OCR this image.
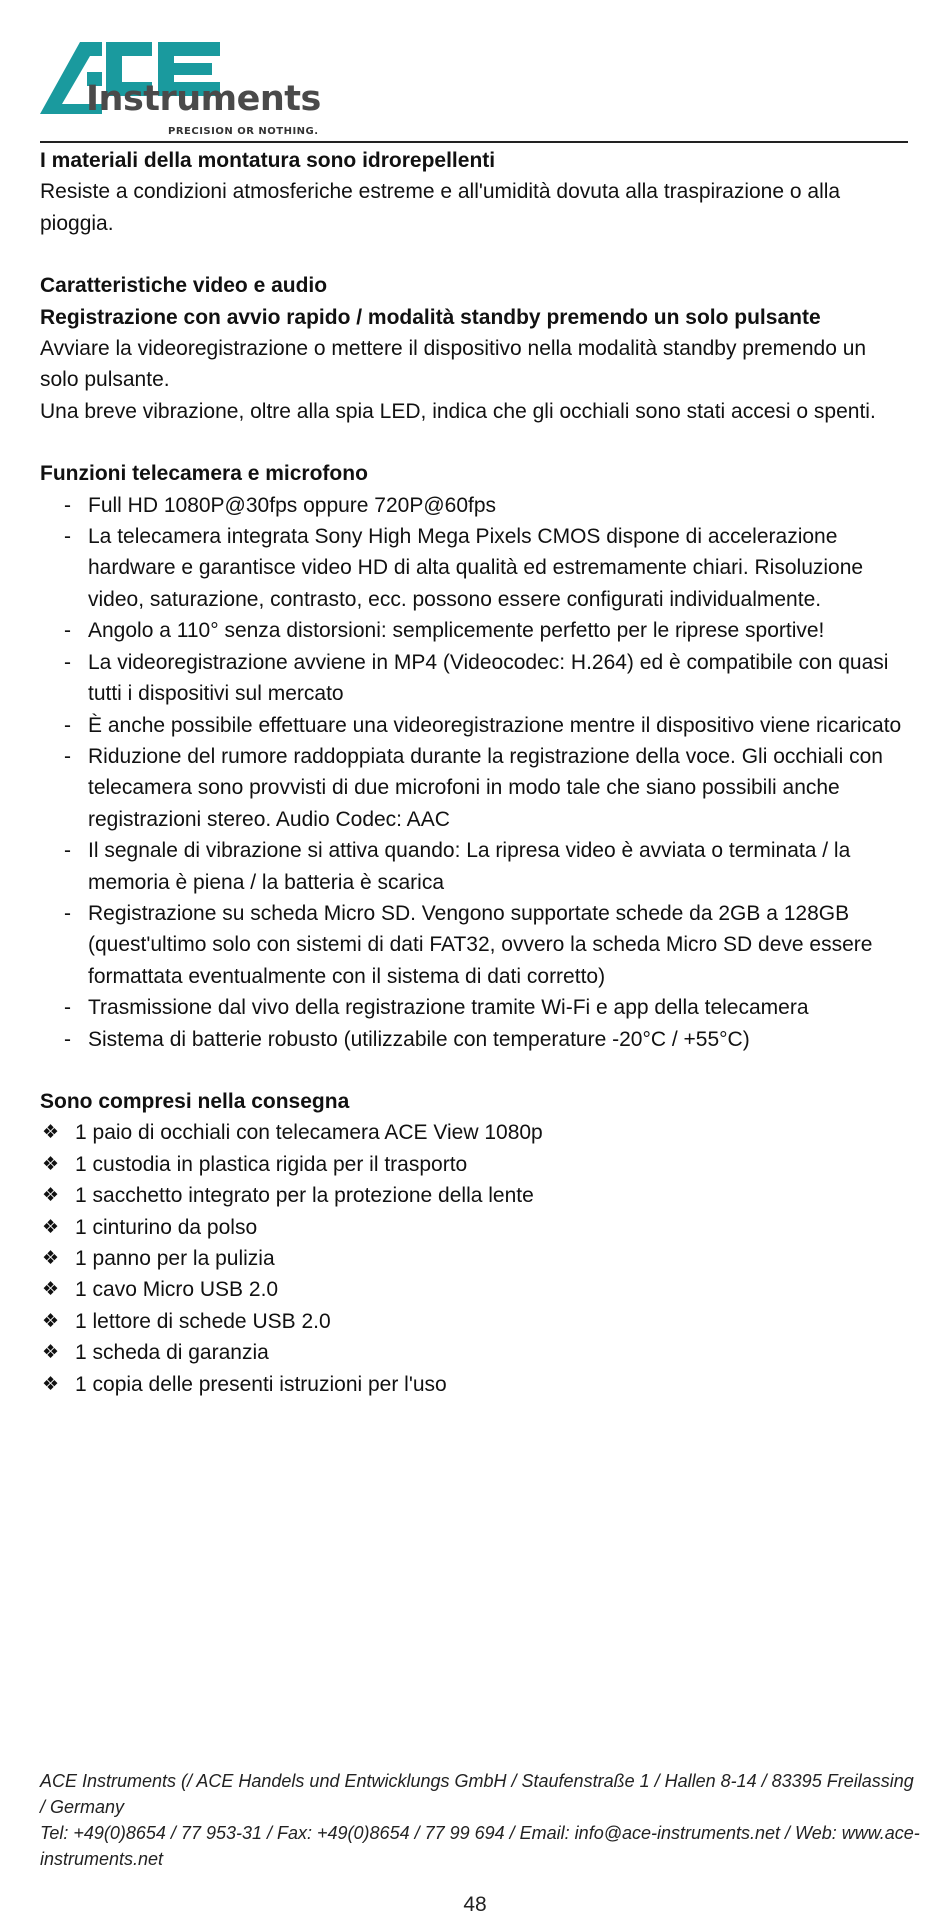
Instruments
PRECISION OR NOTHING.

I materiali della montatura sono idrorepellenti

Resiste a condizioni atmosferiche estreme e all'umidità dovuta alla traspirazione o alla pioggia.

Caratteristiche video e audio

Registrazione con avvio rapido / modalità standby premendo un solo pulsante

Avviare la videoregistrazione o mettere il dispositivo nella modalità standby premendo un solo pulsante.

Una breve vibrazione, oltre alla spia LED, indica che gli occhiali sono stati accesi o spenti.

Funzioni telecamera e microfono

- Full HD 1080P@30fps oppure 720P@60fps
- La telecamera integrata Sony High Mega Pixels CMOS dispone di accelerazione hardware e garantisce video HD di alta qualità ed estremamente chiari. Risoluzione video, saturazione, contrasto, ecc. possono essere configurati individualmente.
- Angolo a 110° senza distorsioni: semplicemente perfetto per le riprese sportive!
- La videoregistrazione avviene in MP4 (Videocodec: H.264) ed è compatibile con quasi tutti i dispositivi sul mercato
- È anche possibile effettuare una videoregistrazione mentre il dispositivo viene ricaricato
- Riduzione del rumore raddoppiata durante la registrazione della voce. Gli occhiali con telecamera sono provvisti di due microfoni in modo tale che siano possibili anche registrazioni stereo. Audio Codec: AAC
- Il segnale di vibrazione si attiva quando: La ripresa video è avviata o terminata / la memoria è piena / la batteria è scarica
- Registrazione su scheda Micro SD. Vengono supportate schede da 2GB a 128GB (quest'ultimo solo con sistemi di dati FAT32, ovvero la scheda Micro SD deve essere formattata eventualmente con il sistema di dati corretto)
- Trasmissione dal vivo della registrazione tramite Wi-Fi e app della telecamera
- Sistema di batterie robusto (utilizzabile con temperature -20°C / +55°C)

Sono compresi nella consegna

❖ 1 paio di occhiali con telecamera ACE View 1080p
❖ 1 custodia in plastica rigida per il trasporto
❖ 1 sacchetto integrato per la protezione della lente
❖ 1 cinturino da polso
❖ 1 panno per la pulizia
❖ 1 cavo Micro USB 2.0
❖ 1 lettore di schede USB 2.0
❖ 1 scheda di garanzia
❖ 1 copia delle presenti istruzioni per l'uso

ACE Instruments (/ ACE Handels und Entwicklungs GmbH / Staufenstraße 1 / Hallen 8-14 / 83395 Freilassing / Germany

Tel: +49(0)8654 / 77 953-31 / Fax: +49(0)8654 / 77 99 694 / Email: info@ace-instruments.net / Web: www.ace-instruments.net

48
